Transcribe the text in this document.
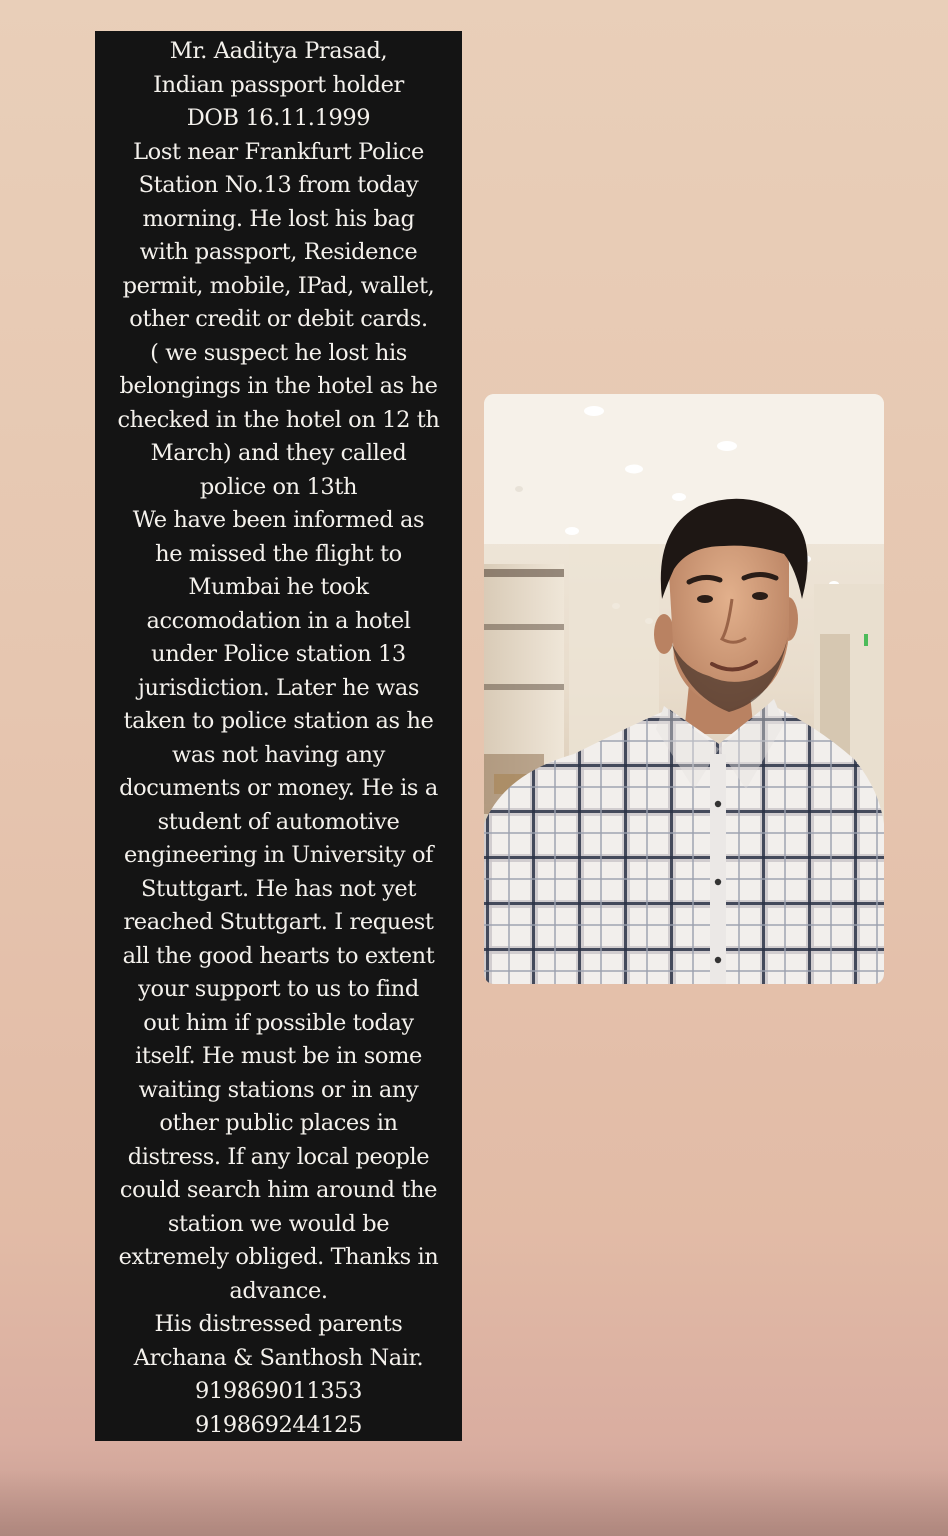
Mr. Aaditya Prasad,
Indian passport holder
DOB 16.11.1999
Lost near Frankfurt Police
Station No.13 from today
morning. He lost his bag
with passport, Residence
permit, mobile, IPad, wallet,
other credit or debit cards.
( we suspect he lost his
belongings in the hotel as he
checked in the hotel on 12 th
March) and they called
police on 13th
We have been informed as
he missed the flight to
Mumbai he took
accomodation in a hotel
under Police station 13
jurisdiction. Later he was
taken to police station as he
was not having any
documents or money. He is a
student of automotive
engineering in University of
Stuttgart. He has not yet
reached Stuttgart. I request
all the good hearts to extent
your support to us to find
out him if possible today
itself. He must be in some
waiting stations or in any
other public places in
distress. If any local people
could search him around the
station we would be
extremely obliged. Thanks in
advance.
His distressed parents
Archana & Santhosh Nair.
919869011353
919869244125
